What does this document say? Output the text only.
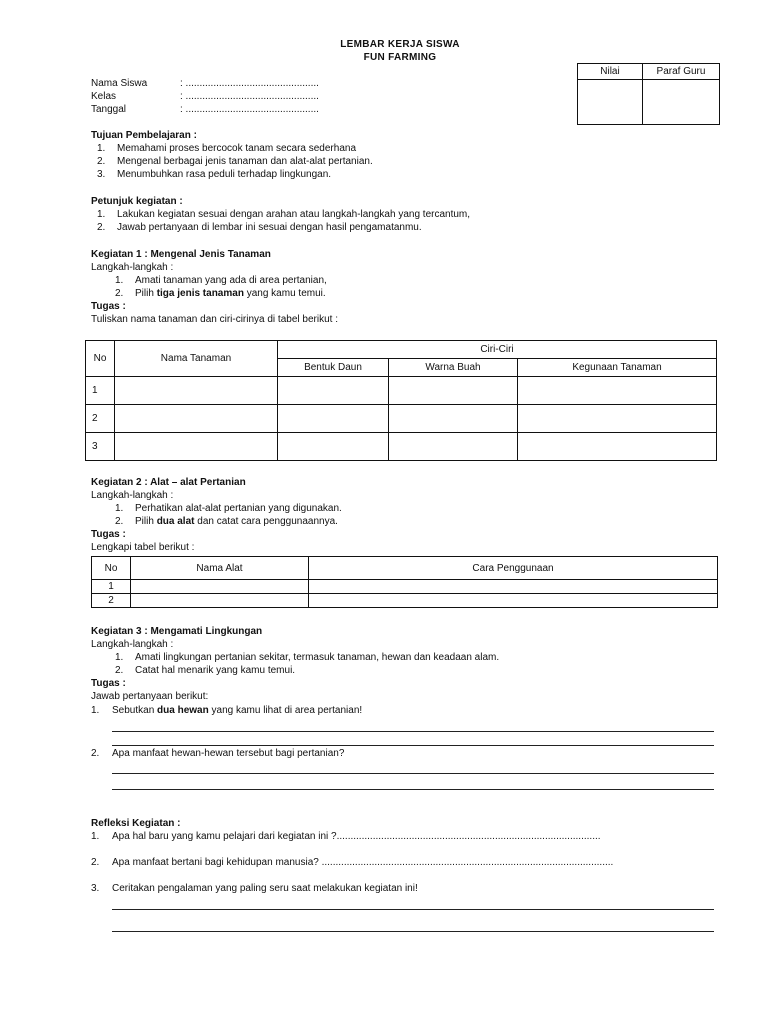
LEMBAR KERJA SISWA
FUN FARMING
Nama Siswa	: ................................................
Kelas	: ................................................
Tanggal	: ................................................
Nilai	Paraf Guru

Tujuan Pembelajaran :
1. Memahami proses bercocok tanam secara sederhana
2. Mengenal berbagai jenis tanaman dan alat-alat pertanian.
3. Menumbuhkan rasa peduli terhadap lingkungan.
Petunjuk kegiatan :
1. Lakukan kegiatan sesuai dengan arahan atau langkah-langkah yang tercantum,
2. Jawab pertanyaan di lembar ini sesuai dengan hasil pengamatanmu.
Kegiatan 1 : Mengenal Jenis Tanaman
Langkah-langkah :
1. Amati tanaman yang ada di area pertanian,
2. Pilih tiga jenis tanaman yang kamu temui.
Tugas :
Tuliskan nama tanaman dan ciri-cirinya di tabel berikut :
No	Nama Tanaman	Ciri-Ciri		
		Bentuk Daun	Warna Buah	Kegunaan Tanaman
1				
2				
3				
Kegiatan 2 : Alat – alat Pertanian
Langkah-langkah :
1. Perhatikan alat-alat pertanian yang digunakan.
2. Pilih dua alat dan catat cara penggunaannya.
Tugas :
Lengkapi tabel berikut :
No	Nama Alat	Cara Penggunaan
1		
2		
Kegiatan 3 : Mengamati Lingkungan
Langkah-langkah :
1. Amati lingkungan pertanian sekitar, termasuk tanaman, hewan dan keadaan alam.
2. Catat hal menarik yang kamu temui.
Tugas :
Jawab pertanyaan berikut:
1. Sebutkan dua hewan yang kamu lihat di area pertanian!
2. Apa manfaat hewan-hewan tersebut bagi pertanian?
Refleksi Kegiatan :
1. Apa hal baru yang kamu pelajari dari kegiatan ini ?...............................................................................................
2. Apa manfaat bertani bagi kehidupan manusia? .........................................................................................................
3. Ceritakan pengalaman yang paling seru saat melakukan kegiatan ini!
